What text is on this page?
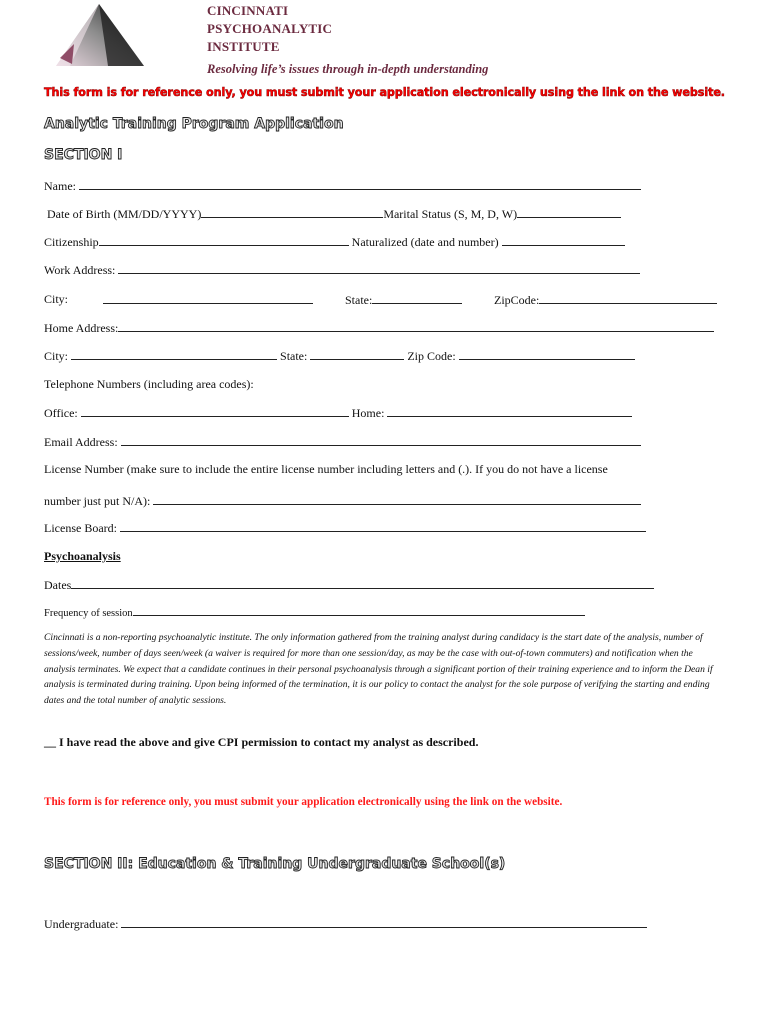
CINCINNATI
PSYCHOANALYTIC
INSTITUTE
Resolving life’s issues through in-depth understanding
This form is for reference only, you must submit your application electronically using the link on the website.
Analytic Training Program Application
SECTION I
Name:
Date of Birth (MM/DD/YYYY)	Marital Status (S, M, D, W)
Citizenship	Naturalized (date and number)
Work Address:
City:	State:	ZipCode:
Home Address:
City:	State:	Zip Code:
Telephone Numbers (including area codes):
Office:	Home:
Email Address:
License Number (make sure to include the entire license number including letters and (.). If you do not have a license
number just put N/A):
License Board:
Psychoanalysis
Dates
Frequency of session
Cincinnati is a non-reporting psychoanalytic institute. The only information gathered from the training analyst during candidacy is the start date of the analysis, number of sessions/week, number of days seen/week (a waiver is required for more than one session/day, as may be the case with out-of-town commuters) and notification when the analysis terminates. We expect that a candidate continues in their personal psychoanalysis through a significant portion of their training experience and to inform the Dean if analysis is terminated during training. Upon being informed of the termination, it is our policy to contact the analyst for the sole purpose of verifying the starting and ending dates and the total number of analytic sessions.
__ I have read the above and give CPI permission to contact my analyst as described.
This form is for reference only, you must submit your application electronically using the link on the website.
SECTION II: Education & Training Undergraduate School(s)
Undergraduate:
